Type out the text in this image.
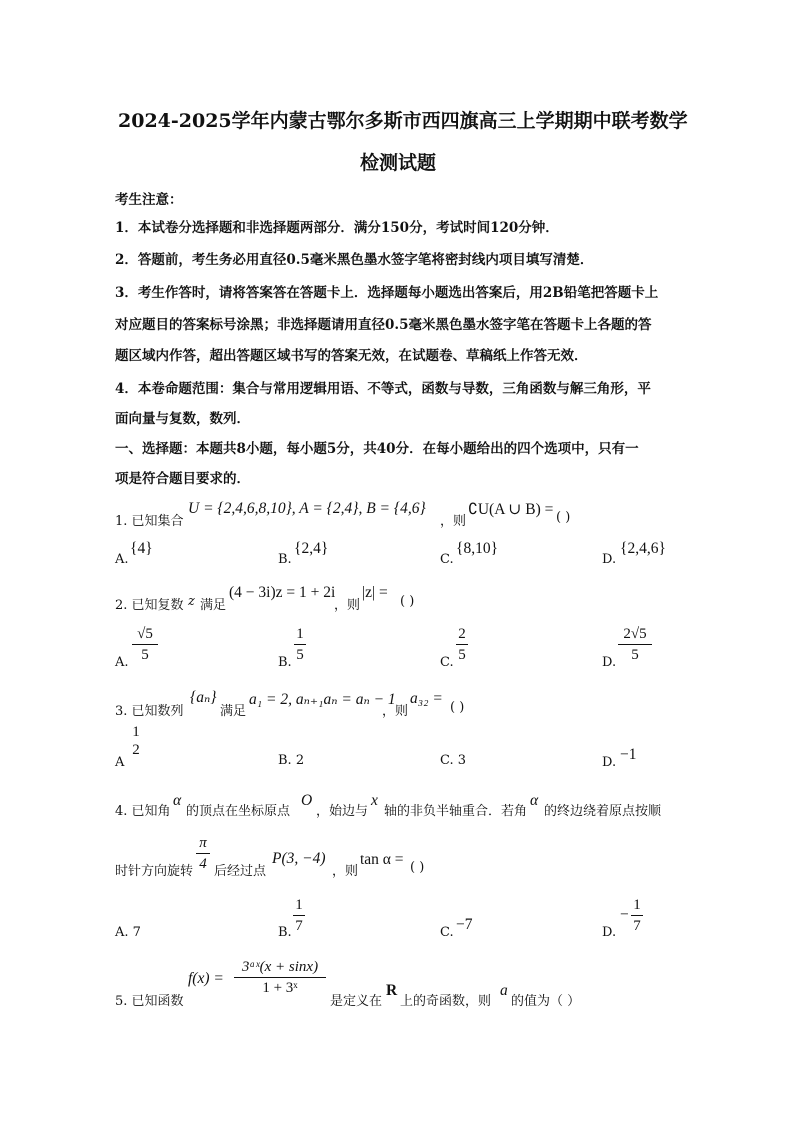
2024-2025学年内蒙古鄂尔多斯市西四旗高三上学期期中联考数学
检测试题
考生注意：
1．本试卷分选择题和非选择题两部分．满分150分，考试时间120分钟．
2．答题前，考生务必用直径0.5毫米黑色墨水签字笔将密封线内项目填写清楚．
3．考生作答时，请将答案答在答题卡上．选择题每小题选出答案后，用2B铅笔把答题卡上
对应题目的答案标号涂黑；非选择题请用直径0.5毫米黑色墨水签字笔在答题卡上各题的答
题区域内作答，超出答题区域书写的答案无效，在试题卷、草稿纸上作答无效．
4．本卷命题范围：集合与常用逻辑用语、不等式，函数与导数，三角函数与解三角形，平
面向量与复数，数列．
一、选择题：本题共8小题，每小题5分，共40分．在每小题给出的四个选项中，只有一
项是符合题目要求的．
1. 已知集合
U = {2,4,6,8,10}, A = {2,4}, B = {4,6}
，则
∁U(A ∪ B) = ( )
A.
{4}
B.
{2,4}
C.
{8,10}
D.
{2,4,6}
2. 已知复数 z 满足
(4 − 3i)z = 1 + 2i
，则
|z| =
( )
A.
√5
5	B.
1
5	C.
2
5	D.
2√5
5
3. 已知数列
{aₙ}
满足
a₁ = 2, aₙ₊₁aₙ = aₙ − 1
，则
a₃₂ =
( )
A
1
2
B. 2	C. 3	D. −1
4. 已知角
α
的顶点在坐标原点
O
，始边与
x
轴的非负半轴重合．若角
α
的终边绕着原点按顺
时针方向旋转
π
4 后经过点
P(3, −4)
，则
tan α = ( )
A. 7	B.
1
7	C. −7	D.
−
1
7
5. 已知函数
f(x) =
3ᵃˣ(x + sinx)
1 + 3ˣ
是定义在
R
上的奇函数，则
a
的值为（ ）
